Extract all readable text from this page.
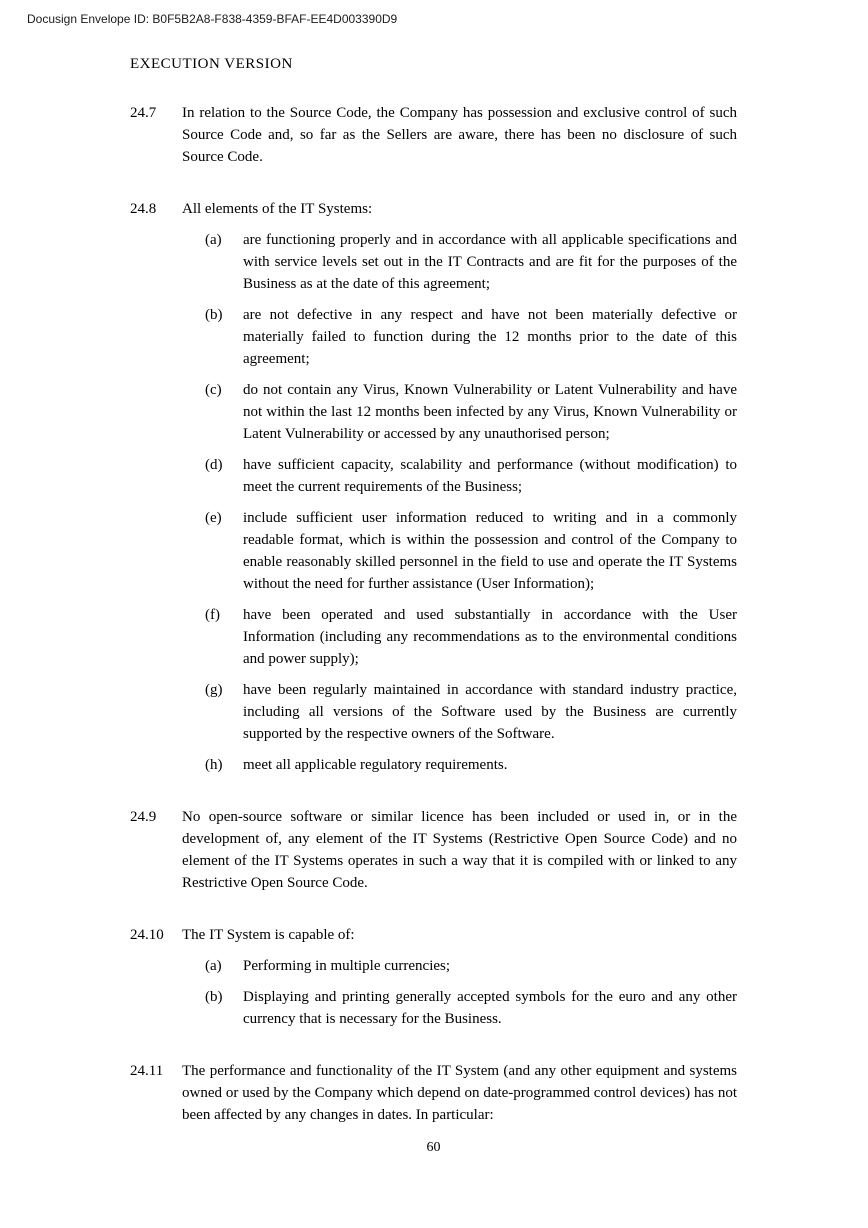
Docusign Envelope ID: B0F5B2A8-F838-4359-BFAF-EE4D003390D9
EXECUTION VERSION
24.7	In relation to the Source Code, the Company has possession and exclusive control of such Source Code and, so far as the Sellers are aware, there has been no disclosure of such Source Code.

24.8	All elements of the IT Systems:

(a)	are functioning properly and in accordance with all applicable specifications and with service levels set out in the IT Contracts and are fit for the purposes of the Business as at the date of this agreement;

(b)	are not defective in any respect and have not been materially defective or materially failed to function during the 12 months prior to the date of this agreement;

(c)	do not contain any Virus, Known Vulnerability or Latent Vulnerability and have not within the last 12 months been infected by any Virus, Known Vulnerability or Latent Vulnerability or accessed by any unauthorised person;

(d)	have sufficient capacity, scalability and performance (without modification) to meet the current requirements of the Business;

(e)	include sufficient user information reduced to writing and in a commonly readable format, which is within the possession and control of the Company to enable reasonably skilled personnel in the field to use and operate the IT Systems without the need for further assistance (User Information);

(f)	have been operated and used substantially in accordance with the User Information (including any recommendations as to the environmental conditions and power supply);

(g)	have been regularly maintained in accordance with standard industry practice, including all versions of the Software used by the Business are currently supported by the respective owners of the Software.

(h)	meet all applicable regulatory requirements.

24.9	No open-source software or similar licence has been included or used in, or in the development of, any element of the IT Systems (Restrictive Open Source Code) and no element of the IT Systems operates in such a way that it is compiled with or linked to any Restrictive Open Source Code.

24.10	The IT System is capable of:

(a)	Performing in multiple currencies;

(b)	Displaying and printing generally accepted symbols for the euro and any other currency that is necessary for the Business.

24.11	The performance and functionality of the IT System (and any other equipment and systems owned or used by the Company which depend on date-programmed control devices) has not been affected by any changes in dates. In particular:

60
